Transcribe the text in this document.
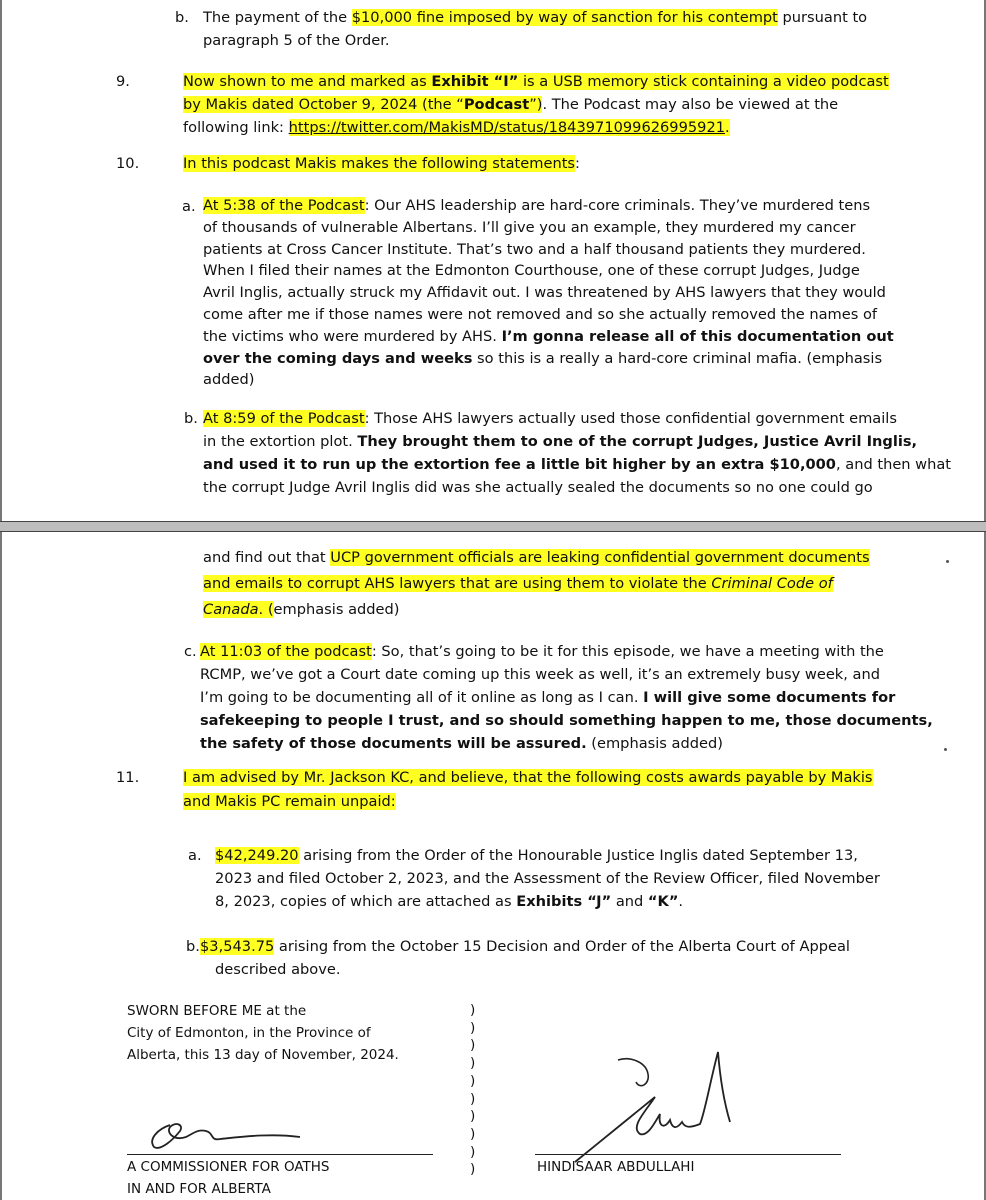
b. The payment of the $10,000 fine imposed by way of sanction for his contempt pursuant to
paragraph 5 of the Order.
9.	Now shown to me and marked as Exhibit “I” is a USB memory stick containing a video podcast
by Makis dated October 9, 2024 (the “Podcast”). The Podcast may also be viewed at the
following link: https://twitter.com/MakisMD/status/1843971099626995921.
10.	In this podcast Makis makes the following statements:
a. At 5:38 of the Podcast: Our AHS leadership are hard-core criminals. They’ve murdered tens
of thousands of vulnerable Albertans. I’ll give you an example, they murdered my cancer
patients at Cross Cancer Institute. That’s two and a half thousand patients they murdered.
When I filed their names at the Edmonton Courthouse, one of these corrupt Judges, Judge
Avril Inglis, actually struck my Affidavit out. I was threatened by AHS lawyers that they would
come after me if those names were not removed and so she actually removed the names of
the victims who were murdered by AHS. I’m gonna release all of this documentation out
over the coming days and weeks so this is a really a hard-core criminal mafia. (emphasis
added)
b. At 8:59 of the Podcast: Those AHS lawyers actually used those confidential government emails
in the extortion plot. They brought them to one of the corrupt Judges, Justice Avril Inglis,
and used it to run up the extortion fee a little bit higher by an extra $10,000, and then what
the corrupt Judge Avril Inglis did was she actually sealed the documents so no one could go
and find out that UCP government officials are leaking confidential government documents
and emails to corrupt AHS lawyers that are using them to violate the Criminal Code of
Canada. (emphasis added)
c. At 11:03 of the podcast: So, that’s going to be it for this episode, we have a meeting with the
RCMP, we’ve got a Court date coming up this week as well, it’s an extremely busy week, and
I’m going to be documenting all of it online as long as I can. I will give some documents for
safekeeping to people I trust, and so should something happen to me, those documents,
the safety of those documents will be assured. (emphasis added)
11.	I am advised by Mr. Jackson KC, and believe, that the following costs awards payable by Makis
and Makis PC remain unpaid:
a. $42,249.20 arising from the Order of the Honourable Justice Inglis dated September 13,
2023 and filed October 2, 2023, and the Assessment of the Review Officer, filed November
8, 2023, copies of which are attached as Exhibits “J” and “K”.
b. $3,543.75 arising from the October 15 Decision and Order of the Alberta Court of Appeal
described above.
SWORN BEFORE ME at the
City of Edmonton, in the Province of
Alberta, this 13 day of November, 2024.
)
)
)
)
)
)
)
)
)
)
A COMMISSIONER FOR OATHS
IN AND FOR ALBERTA
HINDISAAR ABDULLAHI
